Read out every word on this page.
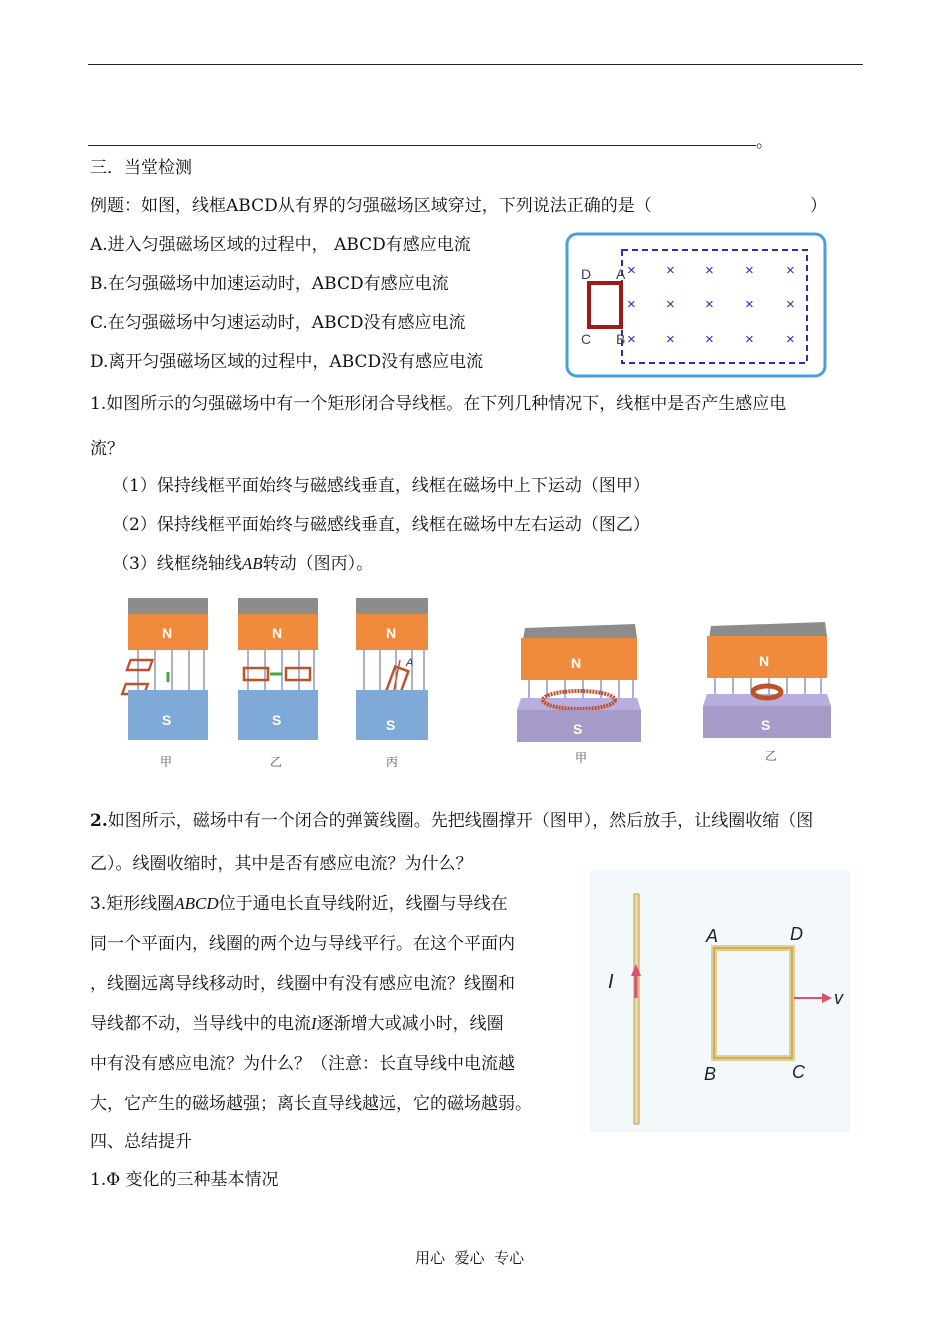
。
三．当堂检测
例题：如图，线框ABCD从有界的匀强磁场区域穿过，下列说法正确的是（	）
A.进入匀强磁场区域的过程中， ABCD有感应电流
B.在匀强磁场中加速运动时，ABCD有感应电流
C.在匀强磁场中匀速运动时，ABCD没有感应电流
D.离开匀强磁场区域的过程中，ABCD没有感应电流
D A
C B
× × × × ×
× × × × ×
× × × × ×
1.如图所示的匀强磁场中有一个矩形闭合导线框。在下列几种情况下，线框中是否产生感应电
流？
（1）保持线框平面始终与磁感线垂直，线框在磁场中上下运动（图甲）
（2）保持线框平面始终与磁感线垂直，线框在磁场中左右运动（图乙）
（3）线框绕轴线AB转动（图丙）。
N
S
甲
N
S
乙
N
A
S
丙
N
S
甲
N
S
乙
2.如图所示，磁场中有一个闭合的弹簧线圈。先把线圈撑开（图甲），然后放手，让线圈收缩（图
乙）。线圈收缩时，其中是否有感应电流？为什么？
3.矩形线圈ABCD位于通电长直导线附近，线圈与导线在
同一个平面内，线圈的两个边与导线平行。在这个平面内
，线圈远离导线移动时，线圈中有没有感应电流？线圈和
导线都不动，当导线中的电流I逐渐增大或减小时，线圈
中有没有感应电流？为什么？（注意：长直导线中电流越
大，它产生的磁场越强；离长直导线越远，它的磁场越弱。
I
A	D
B	C
v
四、总结提升
1.Φ 变化的三种基本情况
用心  爱心  专心
